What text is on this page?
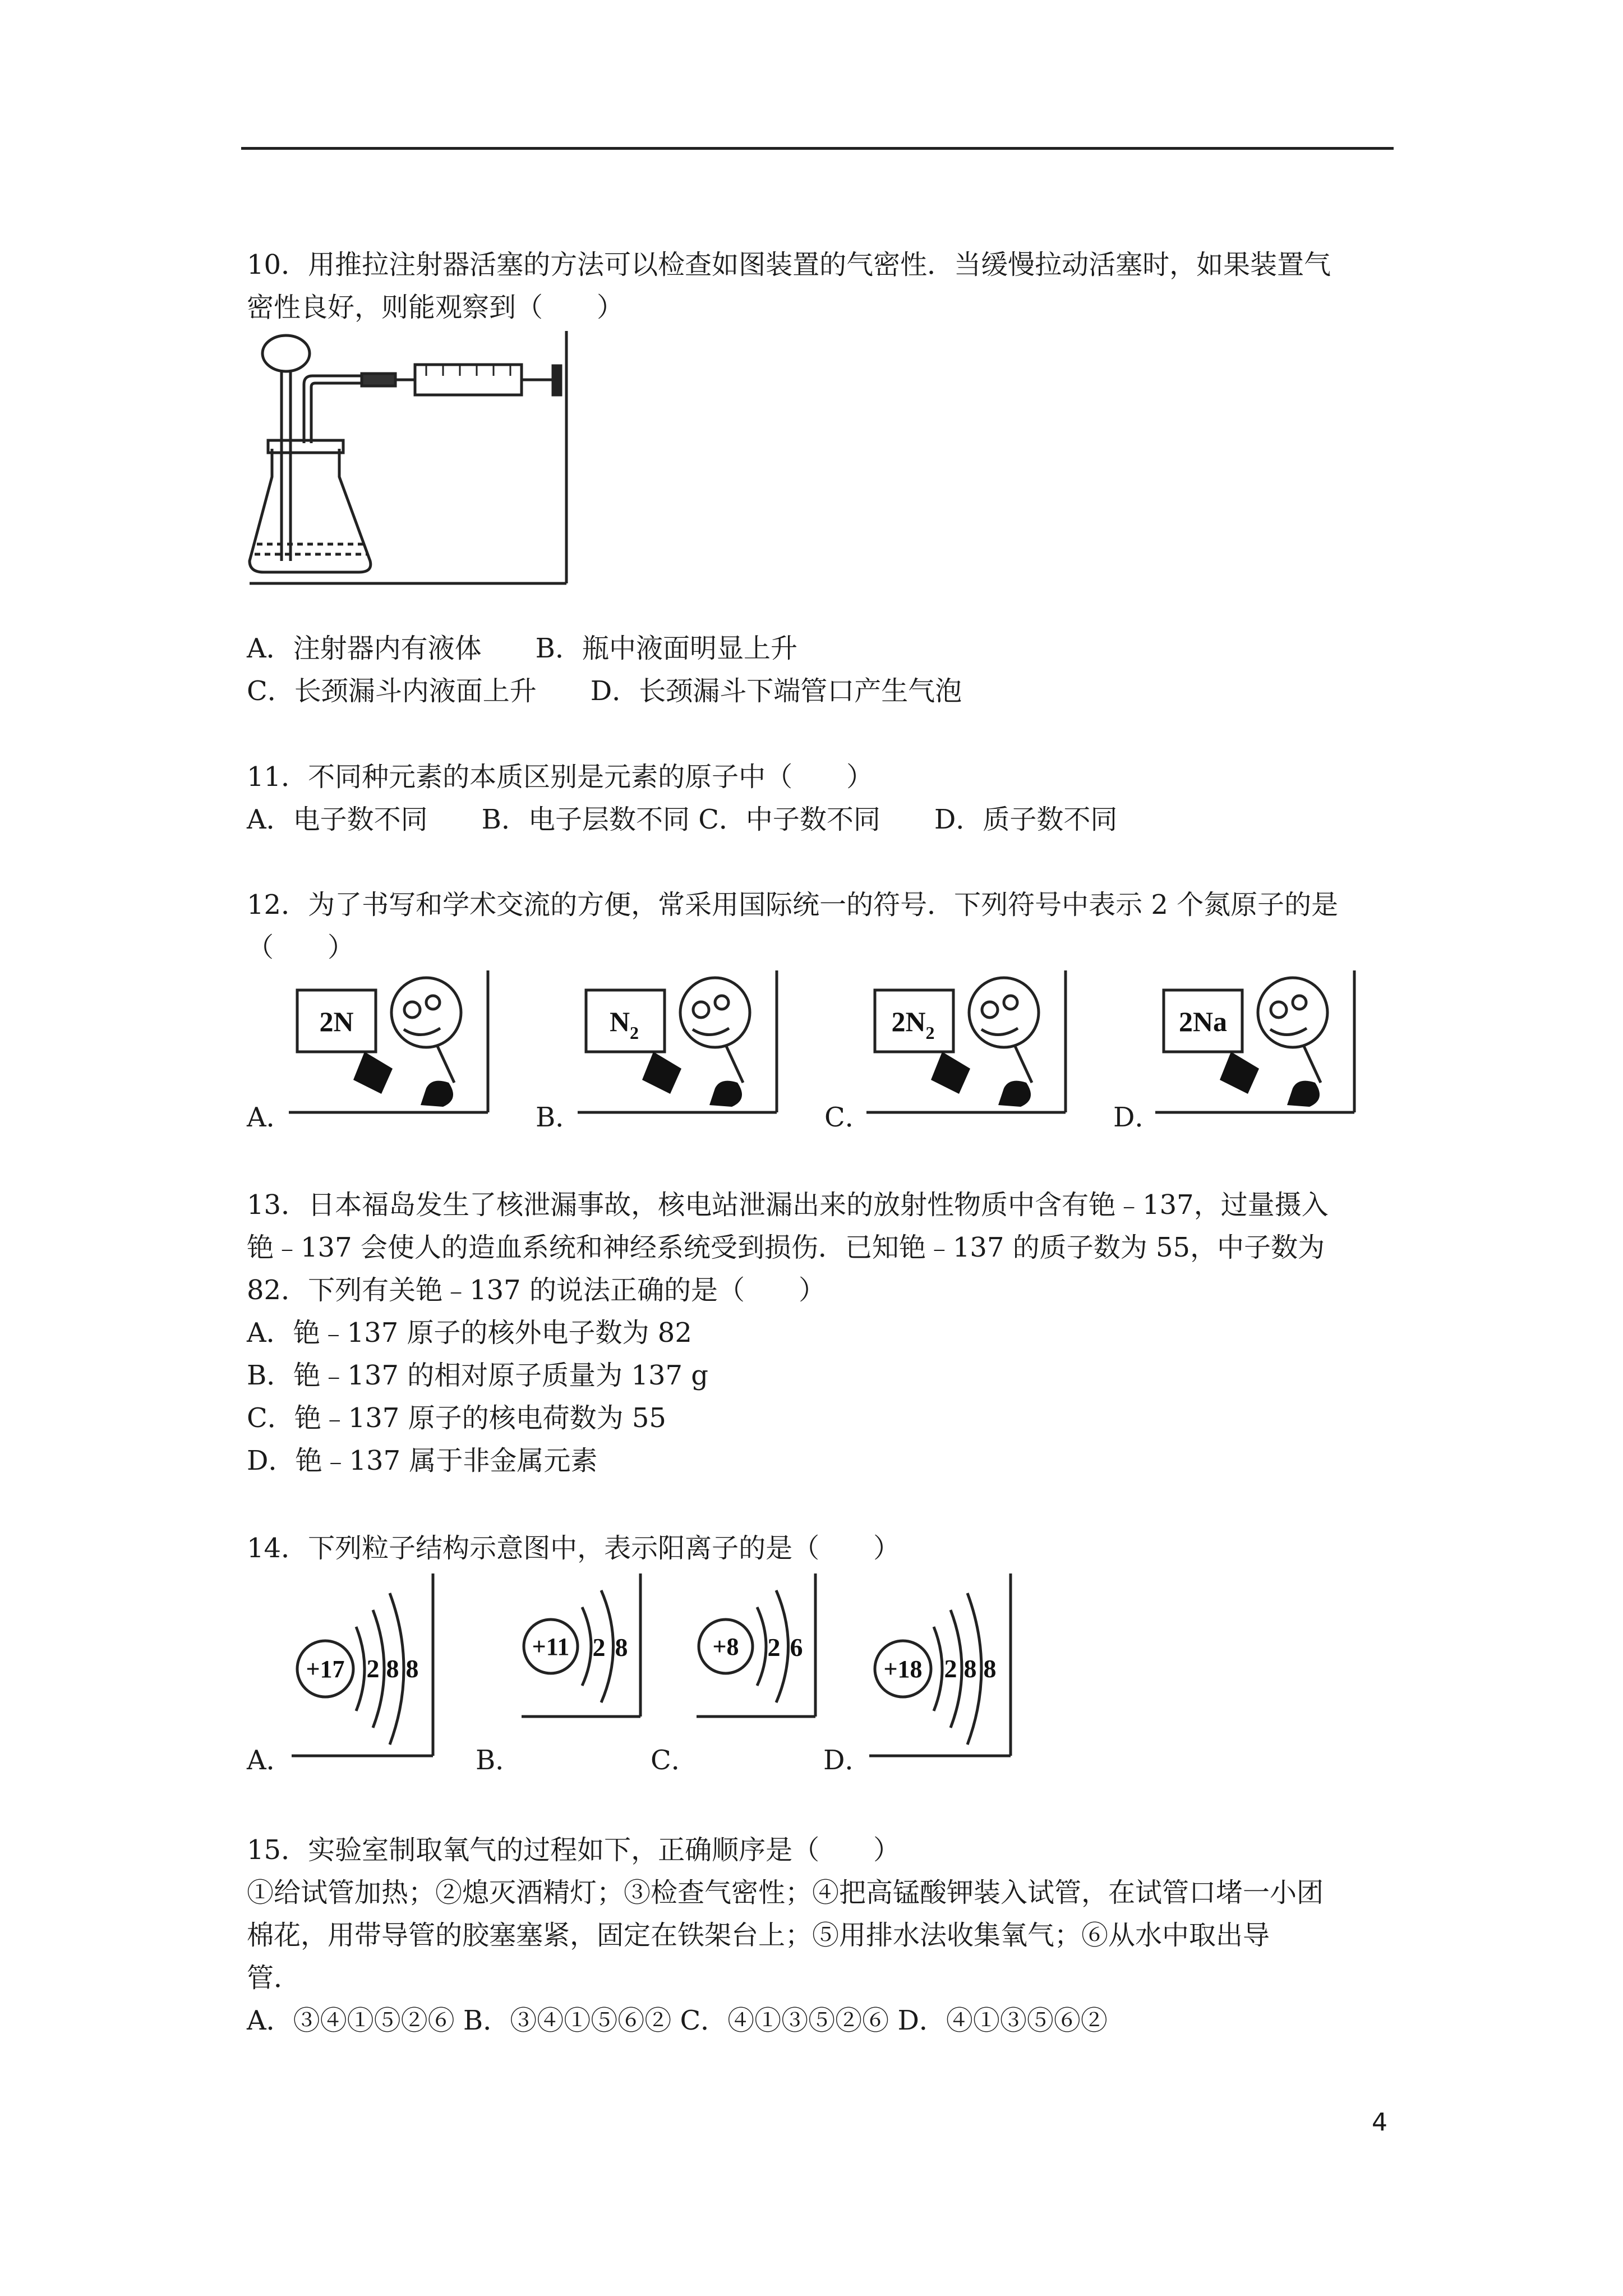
10．用推拉注射器活塞的方法可以检查如图装置的气密性．当缓慢拉动活塞时，如果装置气
密性良好，则能观察到（　　）
A．注射器内有液体　　B．瓶中液面明显上升
C．长颈漏斗内液面上升　　D．长颈漏斗下端管口产生气泡
11．不同种元素的本质区别是元素的原子中（　　）
A．电子数不同　　B．电子层数不同 C．中子数不同　　D．质子数不同
12．为了书写和学术交流的方便，常采用国际统一的符号．下列符号中表示 2 个氮原子的是
（　　）
A．
2N
B．
$N_2$
C．
$2N_2$
D．
2Na
13．日本福岛发生了核泄漏事故，核电站泄漏出来的放射性物质中含有铯﹣137，过量摄入
铯﹣137 会使人的造血系统和神经系统受到损伤．已知铯﹣137 的质子数为 55，中子数为
82．下列有关铯﹣137 的说法正确的是（　　）
A．铯﹣137 原子的核外电子数为 82
B．铯﹣137 的相对原子质量为 137 g
C．铯﹣137 原子的核电荷数为 55
D．铯﹣137 属于非金属元素
14．下列粒子结构示意图中，表示阳离子的是（　　）
A．
+17 2 8 8
B．
+11 2 8
C．
+8 2 6
D．
+18 2 8 8
15．实验室制取氧气的过程如下，正确顺序是（　　）
①给试管加热；②熄灭酒精灯；③检查气密性；④把高锰酸钾装入试管，在试管口堵一小团
棉花，用带导管的胶塞塞紧，固定在铁架台上；⑤用排水法收集氧气；⑥从水中取出导
管．
A．③④①⑤②⑥ B．③④①⑤⑥② C．④①③⑤②⑥ D．④①③⑤⑥②
4
